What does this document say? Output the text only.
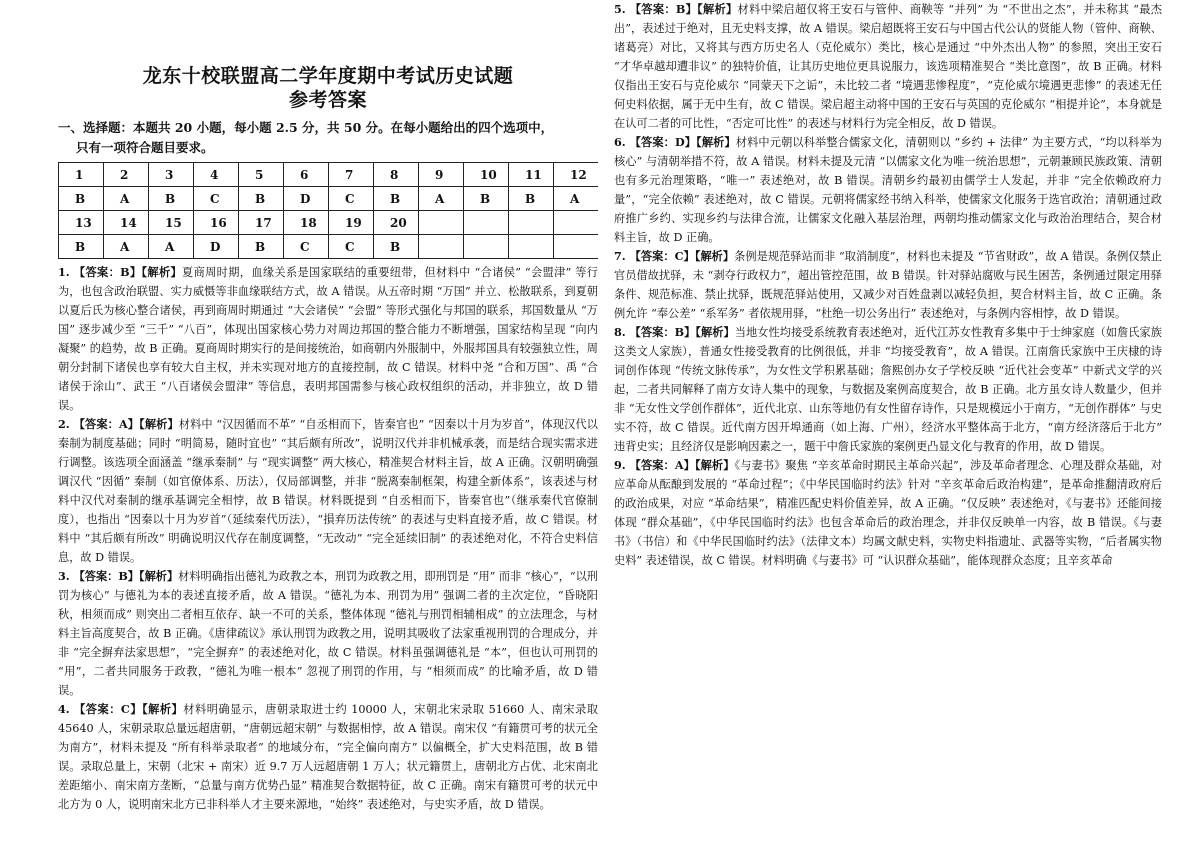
龙东十校联盟高二学年度期中考试历史试题
参考答案
一、选择题：本题共 20 小题，每小题 2.5 分，共 50 分。在每小题给出的四个选项中，
只有一项符合题目要求。
1	2	3	4	5	6	7	8	9	10	11	12
B	A	B	C	B	D	C	B	A	B	B	A
13	14	15	16	17	18	19	20				
B	A	A	D	B	C	C	B				

1. 【答案：B】【解析】夏商周时期，血缘关系是国家联结的重要纽带，但材料中 “合诸侯” “会盟津” 等行为，也包含政治联盟、实力威慑等非血缘联结方式，故 A 错误。从五帝时期 “万国” 并立、松散联系，到夏朝以夏后氏为核心整合诸侯，再到商周时期通过 “大会诸侯” “会盟” 等形式强化与邦国的联系，邦国数量从 “万国” 逐步减少至 “三千” “八百”，体现出国家核心势力对周边邦国的整合能力不断增强，国家结构呈现 “向内凝聚” 的趋势，故 B 正确。夏商周时期实行的是间接统治，如商朝内外服制中，外服邦国具有较强独立性，周朝分封制下诸侯也享有较大自主权，并未实现对地方的直接控制，故 C 错误。材料中尧 “合和万国”、禹 “合诸侯于涂山”、武王 “八百诸侯会盟津” 等信息，表明邦国需参与核心政权组织的活动，并非独立，故 D 错误。

2. 【答案：A】【解析】材料中 “汉因循而不革” “自丞相而下，皆秦官也” “因秦以十月为岁首”，体现汉代以秦制为制度基础；同时 “明简易，随时宜也” “其后颇有所改”，说明汉代并非机械承袭，而是结合现实需求进行调整。该选项全面涵盖 “继承秦制” 与 “现实调整” 两大核心，精准契合材料主旨，故 A 正确。汉朝明确强调汉代 “因循” 秦制（如官僚体系、历法），仅局部调整，并非 “脱离秦制框架，构建全新体系”，该表述与材料中汉代对秦制的继承基调完全相悖，故 B 错误。材料既提到 “自丞相而下，皆秦官也”（继承秦代官僚制度），也指出 “因秦以十月为岁首”（延续秦代历法），“損弃历法传统” 的表述与史料直接矛盾，故 C 错误。材料中 “其后颇有所改” 明确说明汉代存在制度调整，“无改动” “完全延续旧制” 的表述绝对化，不符合史料信息，故 D 错误。

3. 【答案：B】【解析】材料明确指出德礼为政教之本，刑罚为政教之用，即刑罚是 “用” 而非 “核心”，“以刑罚为核心” 与德礼为本的表述直接矛盾，故 A 错误。“德礼为本、刑罚为用” 强调二者的主次定位，“昏晓阳秋，相须而成” 则突出二者相互依存、缺一不可的关系，整体体现 “德礼与刑罚相辅相成” 的立法理念，与材料主旨高度契合，故 B 正确。《唐律疏议》承认刑罚为政教之用，说明其吸收了法家重视刑罚的合理成分，并非 “完全摒弃法家思想”，“完全摒弃” 的表述绝对化，故 C 错误。材料虽强调德礼是 “本”，但也认可刑罚的 “用”，二者共同服务于政教，“德礼为唯一根本” 忽视了刑罚的作用，与 “相须而成” 的比喻矛盾，故 D 错误。

4. 【答案：C】【解析】材料明确显示，唐朝录取进士约 10000 人，宋朝北宋录取 51660 人、南宋录取 45640 人，宋朝录取总量远超唐朝，“唐朝远超宋朝” 与数据相悖，故 A 错误。南宋仅 “有籍贯可考的状元全为南方”，材料未提及 “所有科举录取者” 的地域分布，“完全偏向南方” 以偏概全，扩大史料范围，故 B 错误。录取总量上，宋朝（北宋 + 南宋）近 9.7 万人远超唐朝 1 万人；状元籍贯上，唐朝北方占优、北宋南北差距缩小、南宋南方垄断，“总量与南方优势凸显” 精准契合数据特征，故 C 正确。南宋有籍贯可考的状元中北方为 0 人，说明南宋北方已非科举人才主要来源地，“始终” 表述绝对，与史实矛盾，故 D 错误。

5. 【答案：B】【解析】材料中梁启超仅将王安石与管仲、商鞅等 “并列” 为 “不世出之杰”，并未称其 “最杰出”，表述过于绝对，且无史料支撑，故 A 错误。梁启超既将王安石与中国古代公认的贤能人物（管仲、商鞅、诸葛亮）对比，又将其与西方历史名人（克伦威尔）类比，核心是通过 “中外杰出人物” 的参照，突出王安石 “才华卓越却遭非议” 的独特价值，让其历史地位更具说服力，该选项精准契合 “类比意图”，故 B 正确。材料仅指出王安石与克伦威尔 “同蒙天下之诟”，未比较二者 “境遇悲惨程度”，“克伦威尔境遇更悲惨” 的表述无任何史料依据，属于无中生有，故 C 错误。梁启超主动将中国的王安石与英国的克伦威尔 “相提并论”，本身就是在认可二者的可比性，“否定可比性” 的表述与材料行为完全相反，故 D 错误。

6. 【答案：D】【解析】材料中元朝以科举整合儒家文化，清朝则以 “乡约 + 法律” 为主要方式，“均以科举为核心” 与清朝举措不符，故 A 错误。材料未提及元清 “以儒家文化为唯一统治思想”，元朝兼顾民族政策、清朝也有多元治理策略，“唯一” 表述绝对，故 B 错误。清朝乡约最初由儒学士人发起，并非 “完全依赖政府力量”，“完全依赖” 表述绝对，故 C 错误。元朝将儒家经书纳入科举，使儒家文化服务于选官政治；清朝通过政府推广乡约、实现乡约与法律合流，让儒家文化融入基层治理，两朝均推动儒家文化与政治治理结合，契合材料主旨，故 D 正确。

7. 【答案：C】【解析】条例是规范驿站而非 “取消制度”，材料也未提及 “节省财政”，故 A 错误。条例仅禁止官员借故扰驿，未 “剥夺行政权力”，超出管控范围，故 B 错误。针对驿站腐败与民生困苦，条例通过限定用驿条件、规范标准、禁止扰驿，既规范驿站使用，又减少对百姓盘剥以减轻负担，契合材料主旨，故 C 正确。条例允许 “奉公差” “系军务” 者依规用驿，“杜绝一切公务出行” 表述绝对，与条例内容相悖，故 D 错误。

8. 【答案：B】【解析】当地女性均接受系统教育表述绝对，近代江苏女性教育多集中于士绅家庭（如詹氏家族这类文人家族），普通女性接受教育的比例很低，并非 “均接受教育”，故 A 错误。江南詹氏家族中王庆棣的诗词创作体现 “传统文脉传承”，为女性文学积累基础；詹熙创办女子学校反映 “近代社会变革” 中新式文学的兴起，二者共同解释了南方女诗人集中的现象，与数据及案例高度契合，故 B 正确。北方虽女诗人数量少，但并非 “无女性文学创作群体”，近代北京、山东等地仍有女性留存诗作，只是规模远小于南方，“无创作群体” 与史实不符，故 C 错误。近代南方因开埠通商（如上海、广州），经济水平整体高于北方，“南方经济落后于北方” 违背史实；且经济仅是影响因素之一，题干中詹氏家族的案例更凸显文化与教育的作用，故 D 错误。

9. 【答案：A】【解析】《与妻书》聚焦 “辛亥革命时期民主革命兴起”，涉及革命者理念、心理及群众基础，对应革命从酝酿到发展的 “革命过程”；《中华民国临时约法》针对 “辛亥革命后政治构建”，是革命推翻清政府后的政治成果，对应 “革命结果”，精准匹配史料价值差异，故 A 正确。“仅反映” 表述绝对，《与妻书》还能间接体现 “群众基础”，《中华民国临时约法》也包含革命后的政治理念，并非仅反映单一内容，故 B 错误。《与妻书》（书信）和《中华民国临时约法》（法律文本）均属文献史料，实物史料指遗址、武器等实物，“后者属实物史料” 表述错误，故 C 错误。材料明确《与妻书》可 “认识群众基础”，能体现群众态度；且辛亥革命
